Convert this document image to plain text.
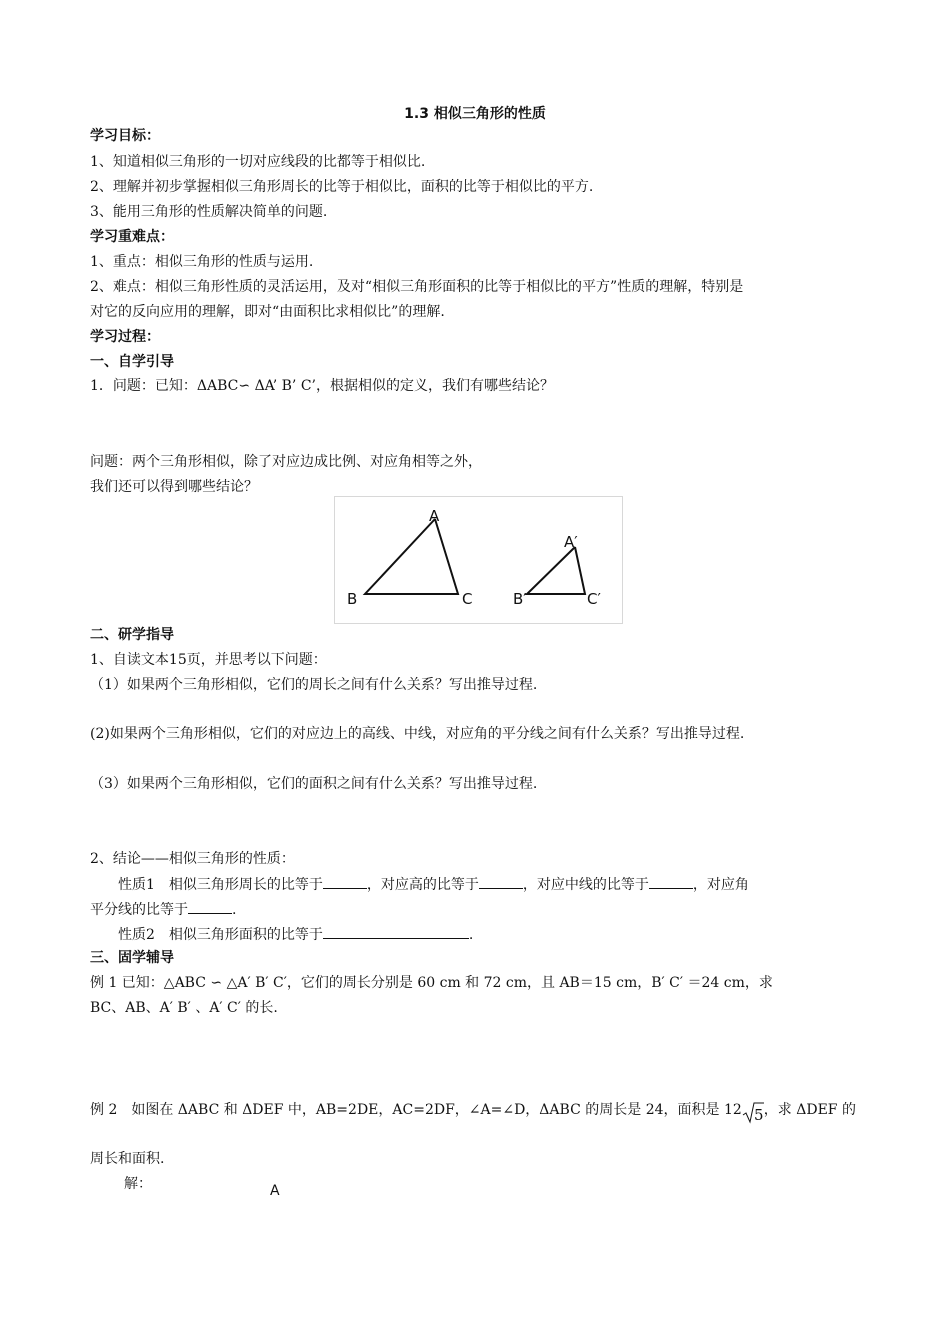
1.3 相似三角形的性质
学习目标：
1、知道相似三角形的一切对应线段的比都等于相似比.
2、理解并初步掌握相似三角形周长的比等于相似比，面积的比等于相似比的平方.
3、能用三角形的性质解决简单的问题.
学习重难点：
1、重点：相似三角形的性质与运用.
2、难点：相似三角形性质的灵活运用，及对“相似三角形面积的比等于相似比的平方”性质的理解，特别是
对它的反向应用的理解，即对“由面积比求相似比”的理解.
学习过程：
一、自学引导
1．问题：已知：ΔABC∽ ΔA’ B’ C’，根据相似的定义，我们有哪些结论？
问题：两个三角形相似，除了对应边成比例、对应角相等之外，
我们还可以得到哪些结论？
A
B	C
A′
B′	C′
二、研学指导
1、自读文本15页，并思考以下问题：
（1）如果两个三角形相似，它们的周长之间有什么关系？写出推导过程.
(2)如果两个三角形相似，它们的对应边上的高线、中线，对应角的平分线之间有什么关系？写出推导过程.
（3）如果两个三角形相似，它们的面积之间有什么关系？写出推导过程.
2、结论——相似三角形的性质：
性质1　相似三角形周长的比等于	，对应高的比等于	，对应中线的比等于	，对应角
平分线的比等于	.
性质2　相似三角形面积的比等于	.
三、固学辅导
例 1 已知：△ABC ∽ △A′ B′ C′，它们的周长分别是 60 cm 和 72 cm，且 AB＝15 cm，B′ C′ ＝24 cm，求
BC、AB、A′ B′ 、A′ C′ 的长.
例 2　如图在 ΔABC 和 ΔDEF 中，AB=2DE，AC=2DF，∠A=∠D，ΔABC 的周长是 24，面积是 12 5 ，求 ΔDEF 的
周长和面积.
解：	A
